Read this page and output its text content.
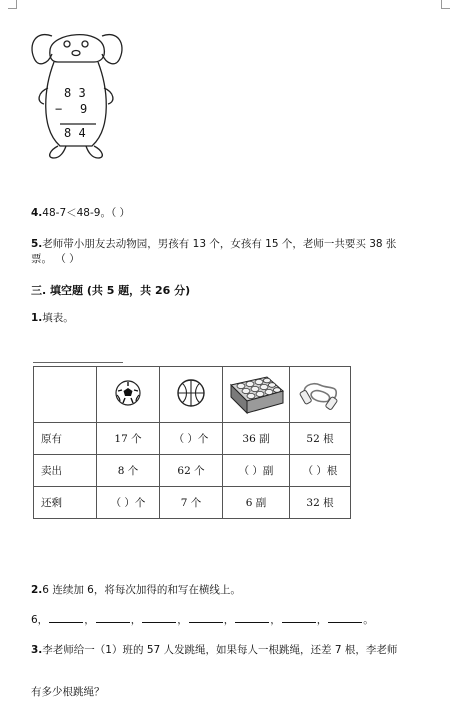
8 3
− 9
8 4
4.48-7＜48-9。（ ）
5.老师带小朋友去动物园，男孩有 13 个，女孩有 15 个，老师一共要买 38 张
票。 （ ）
三. 填空题 (共 5 题，共 26 分)
1.填表。

原有	17 个	（ ）个	36 副	52 根
卖出	8 个	62 个	（ ）副	（ ）根
还剩	（ ）个	7 个	6 副	32 根
2.6 连续加 6，将每次加得的和写在横线上。
6，	，	，	，	，	，	，	。
3.李老师给一（1）班的 57 人发跳绳，如果每人一根跳绳，还差 7 根，李老师
有多少根跳绳？
